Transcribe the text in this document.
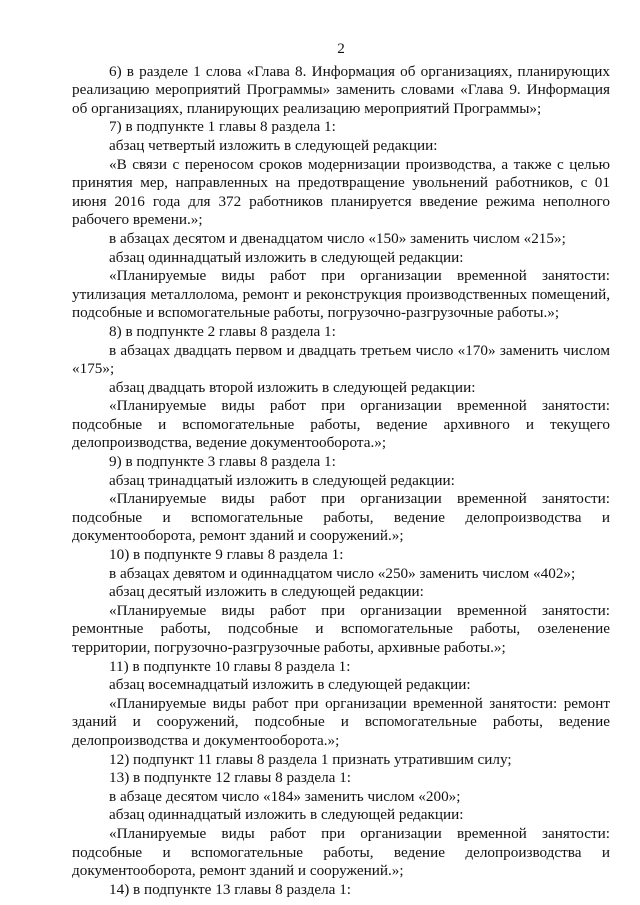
2

6) в разделе 1 слова «Глава 8. Информация об организациях, планирующих реализацию мероприятий Программы» заменить словами «Глава 9. Информация об организациях, планирующих реализацию мероприятий Программы»;

7) в подпункте 1 главы 8 раздела 1:

абзац четвертый изложить в следующей редакции:

«В связи с переносом сроков модернизации производства, а также с целью принятия мер, направленных на предотвращение увольнений работников, с 01 июня 2016 года для 372 работников планируется введение режима неполного рабочего времени.»;

в абзацах десятом и двенадцатом число «150» заменить числом «215»;

абзац одиннадцатый изложить в следующей редакции:

«Планируемые виды работ при организации временной занятости: утилизация металлолома, ремонт и реконструкция производственных помещений, подсобные и вспомогательные работы, погрузочно-разгрузочные работы.»;

8) в подпункте 2 главы 8 раздела 1:

в абзацах двадцать первом и двадцать третьем число «170» заменить числом «175»;

абзац двадцать второй изложить в следующей редакции:

«Планируемые виды работ при организации временной занятости: подсобные и вспомогательные работы, ведение архивного и текущего делопроизводства, ведение документооборота.»;

9) в подпункте 3 главы 8 раздела 1:

абзац тринадцатый изложить в следующей редакции:

«Планируемые виды работ при организации временной занятости: подсобные и вспомогательные работы, ведение делопроизводства и документооборота, ремонт зданий и сооружений.»;

10) в подпункте 9 главы 8 раздела 1:

в абзацах девятом и одиннадцатом число «250» заменить числом «402»;

абзац десятый изложить в следующей редакции:

«Планируемые виды работ при организации временной занятости: ремонтные работы, подсобные и вспомогательные работы, озеленение территории, погрузочно-разгрузочные работы, архивные работы.»;

11) в подпункте 10 главы 8 раздела 1:

абзац восемнадцатый изложить в следующей редакции:

«Планируемые виды работ при организации временной занятости: ремонт зданий и сооружений, подсобные и вспомогательные работы, ведение делопроизводства и документооборота.»;

12) подпункт 11 главы 8 раздела 1 признать утратившим силу;

13) в подпункте 12 главы 8 раздела 1:

в абзаце десятом число «184» заменить числом «200»;

абзац одиннадцатый изложить в следующей редакции:

«Планируемые виды работ при организации временной занятости: подсобные и вспомогательные работы, ведение делопроизводства и документооборота, ремонт зданий и сооружений.»;

14) в подпункте 13 главы 8 раздела 1:
